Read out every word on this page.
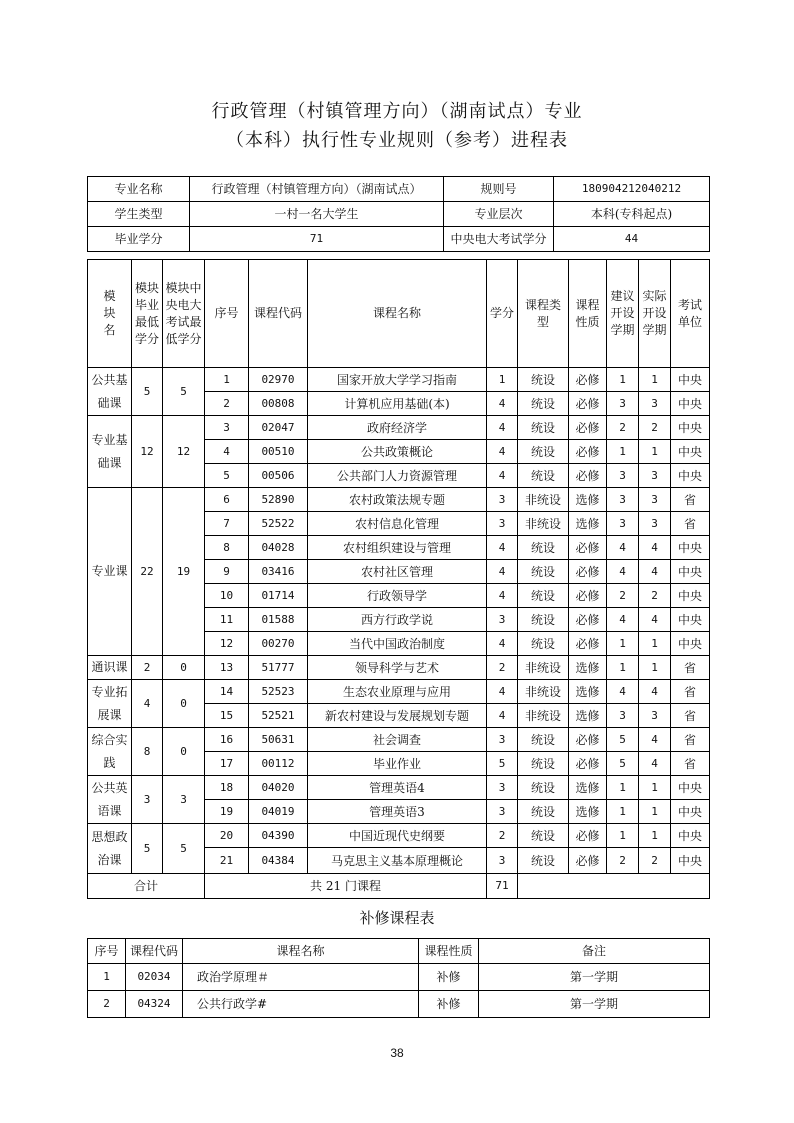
行政管理（村镇管理方向）（湖南试点）专业
（本科）执行性专业规则（参考）进程表
专业名称	行政管理（村镇管理方向）（湖南试点）	规则号	180904212040212
学生类型	一村一名大学生	专业层次	本科(专科起点)
毕业学分	71	中央电大考试学分	44
模块名	模块毕业最低学分	模块中央电大考试最低学分	序号	课程代码	课程名称	学分	课程类型	课程性质	建议开设学期	实际开设学期	考试单位
公共基础课	5	5	1	02970	国家开放大学学习指南	1	统设	必修	1	1	中央
			2	00808	计算机应用基础(本)	4	统设	必修	3	3	中央
专业基础课	12	12	3	02047	政府经济学	4	统设	必修	2	2	中央
			4	00510	公共政策概论	4	统设	必修	1	1	中央
			5	00506	公共部门人力资源管理	4	统设	必修	3	3	中央
专业课	22	19	6	52890	农村政策法规专题	3	非统设	选修	3	3	省
			7	52522	农村信息化管理	3	非统设	选修	3	3	省
			8	04028	农村组织建设与管理	4	统设	必修	4	4	中央
			9	03416	农村社区管理	4	统设	必修	4	4	中央
			10	01714	行政领导学	4	统设	必修	2	2	中央
			11	01588	西方行政学说	3	统设	必修	4	4	中央
			12	00270	当代中国政治制度	4	统设	必修	1	1	中央
通识课	2	0	13	51777	领导科学与艺术	2	非统设	选修	1	1	省
专业拓展课	4	0	14	52523	生态农业原理与应用	4	非统设	选修	4	4	省
			15	52521	新农村建设与发展规划专题	4	非统设	选修	3	3	省
综合实践	8	0	16	50631	社会调查	3	统设	必修	5	4	省
			17	00112	毕业作业	5	统设	必修	5	4	省
公共英语课	3	3	18	04020	管理英语4	3	统设	选修	1	1	中央
			19	04019	管理英语3	3	统设	选修	1	1	中央
思想政治课	5	5	20	04390	中国近现代史纲要	2	统设	必修	1	1	中央
			21	04384	马克思主义基本原理概论	3	统设	必修	2	2	中央
合计			共 21 门课程			71					
补修课程表
序号	课程代码	课程名称	课程性质	备注
1	02034	政治学原理＃	补修	第一学期
2	04324	公共行政学#	补修	第一学期
38
